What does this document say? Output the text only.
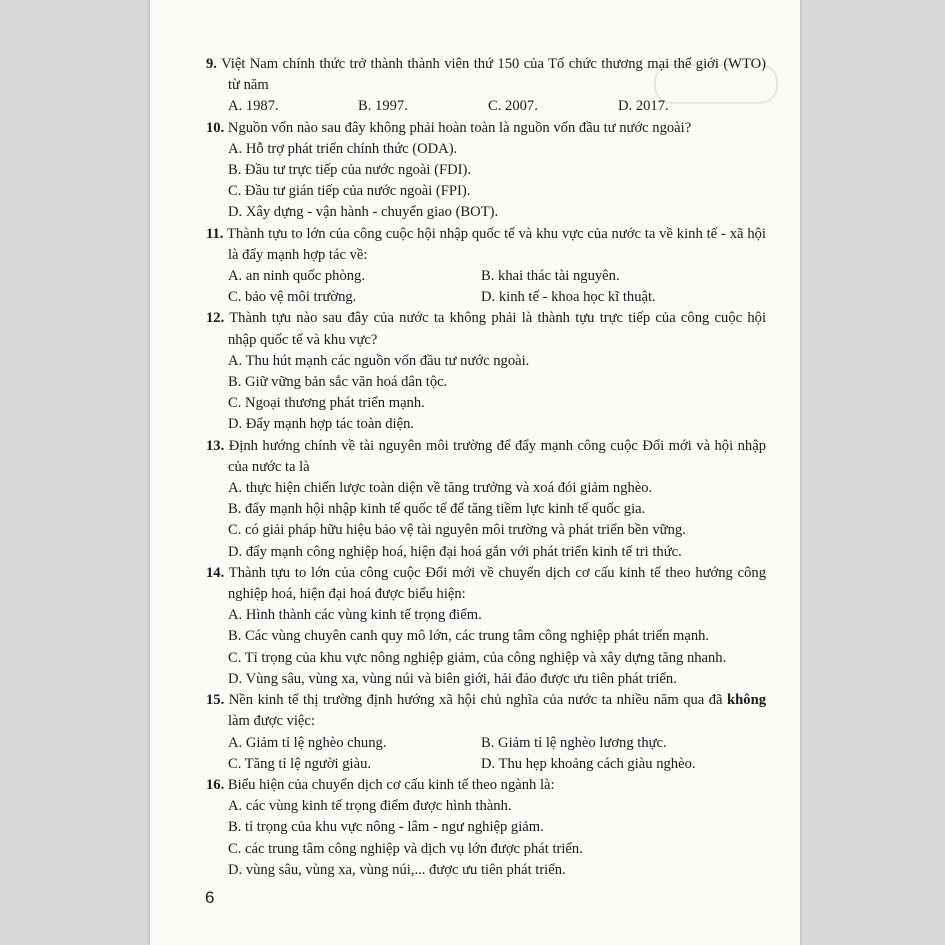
9. Việt Nam chính thức trở thành thành viên thứ 150 của Tổ chức thương mại thế giới (WTO) từ năm
A. 1987.	B. 1997.	C. 2007.	D. 2017.
10. Nguồn vốn nào sau đây không phải hoàn toàn là nguồn vốn đầu tư nước ngoài?
A. Hỗ trợ phát triển chính thức (ODA).
B. Đầu tư trực tiếp của nước ngoài (FDI).
C. Đầu tư gián tiếp của nước ngoài (FPI).
D. Xây dựng - vận hành - chuyển giao (BOT).
11. Thành tựu to lớn của công cuộc hội nhập quốc tế và khu vực của nước ta về kinh tế - xã hội là đẩy mạnh hợp tác về:
A. an ninh quốc phòng.	B. khai thác tài nguyên.
C. bảo vệ môi trường.	D. kinh tế - khoa học kĩ thuật.
12. Thành tựu nào sau đây của nước ta không phải là thành tựu trực tiếp của công cuộc hội nhập quốc tế và khu vực?
A. Thu hút mạnh các nguồn vốn đầu tư nước ngoài.
B. Giữ vững bản sắc văn hoá dân tộc.
C. Ngoại thương phát triển mạnh.
D. Đẩy mạnh hợp tác toàn diện.
13. Định hướng chính về tài nguyên môi trường để đẩy mạnh công cuộc Đổi mới và hội nhập của nước ta là
A. thực hiện chiến lược toàn diện về tăng trưởng và xoá đói giảm nghèo.
B. đẩy mạnh hội nhập kinh tế quốc tế để tăng tiềm lực kinh tế quốc gia.
C. có giải pháp hữu hiệu bảo vệ tài nguyên môi trường và phát triển bền vững.
D. đẩy mạnh công nghiệp hoá, hiện đại hoá gắn với phát triển kinh tế tri thức.
14. Thành tựu to lớn của công cuộc Đổi mới về chuyển dịch cơ cấu kinh tế theo hướng công nghiệp hoá, hiện đại hoá được biểu hiện:
A. Hình thành các vùng kinh tế trọng điểm.
B. Các vùng chuyên canh quy mô lớn, các trung tâm công nghiệp phát triển mạnh.
C. Tỉ trọng của khu vực nông nghiệp giảm, của công nghiệp và xây dựng tăng nhanh.
D. Vùng sâu, vùng xa, vùng núi và biên giới, hải đảo được ưu tiên phát triển.
15. Nền kinh tế thị trường định hướng xã hội chủ nghĩa của nước ta nhiều năm qua đã không làm được việc:
A. Giảm tỉ lệ nghèo chung.	B. Giảm tỉ lệ nghèo lương thực.
C. Tăng tỉ lệ người giàu.	D. Thu hẹp khoảng cách giàu nghèo.
16. Biểu hiện của chuyển dịch cơ cấu kinh tế theo ngành là:
A. các vùng kinh tế trọng điểm được hình thành.
B. tỉ trọng của khu vực nông - lâm - ngư nghiệp giảm.
C. các trung tâm công nghiệp và dịch vụ lớn được phát triển.
D. vùng sâu, vùng xa, vùng núi,... được ưu tiên phát triển.
6
